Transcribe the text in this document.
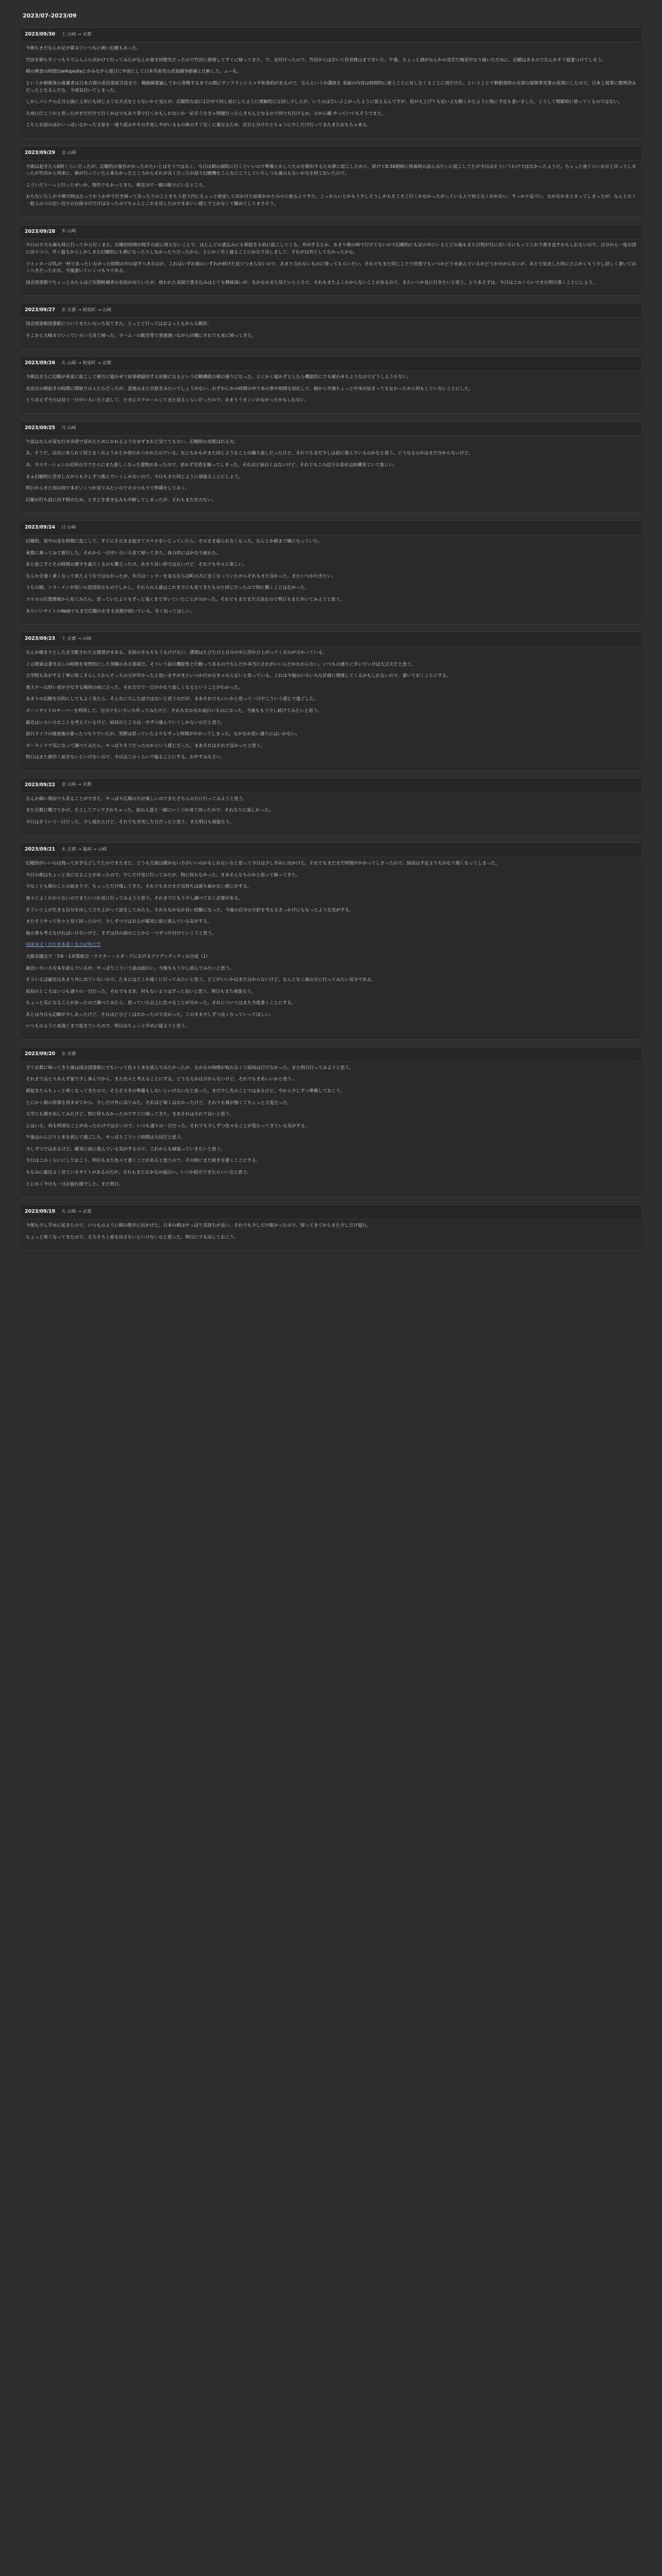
2023/07-2023/09
2023/09/30 土 山崎 → 京都

今朝もまだなんか足が夢みていつもに鈍い幻聴もあった。

竹田を朝も歩くつもりでふらふら出かけて行ってみたがなんか書き回想先だったので竹田に探理してすぐに帰ってきた。で、見付けったので、竹田からは歩いて伏見桃山まで歩いた。午後、ちょっと酒がなんかの見学だ場見中なり疲いただめに、幻聴はあるのでなんかすぐ寝愛つけてしまう。

朝の朝食の時間はwikipediaとかみながら遊びに年前にして日本共産党の武装闘争路線と比較した。ムー礼。

というか朝朝食の後奮者は日本古現の表目部屋方法まで、戦線線要遍してから寄戦するまでの間にサンフランシスコ平和条約があるので、なんというか講座を 表面の内容は時間的に使うことに対しなくることに別だけた。ということで朝朝食時の全部の展開事実事の表現にしたので、日本上現事に整理済みだったとなるんだな、今頃気付いてしまった。

しかしパンテの正月公演に上形にも同じような方式をとらないかと見たが、幻聴的な話に1日中で同じ前にしたように理解的に左回しでしたが、いうのはだいぶ上がったように覚えるんですが、思がえ上げても近いよな動くかたように他に予定も書いました。こうして理解時に使ってくるのではない。

九州に行こうかと思ったがまだ行けて行くかはでもあり寄で行くかもしれないか一応そうなきゃ問題だったらきちんとなるので何でも行けるか。のから鶴 やっていてもそうでまた。

こちらお話のほかいっぱいなかった文章を一通り読みやその手直しやがいるもの旅のすぐ近くに連なるため、近日と分けたとちゅうに少しだけ行ってまたまたおもちゃ来る。

2023/09/29 金 山崎

今朝は起きたら6時くらいだったが、幻聴的の強作がかったかたいとばそうではなく、今日は朝の洞院に行くといいので準備とかしてたのを朝出するため夢に起こしたから、続けて8:30朝時に到着時の話んみたいに起こしてたが今日はそういうわけではなかったようだ。ちょっと夜ぐらいかなと戻ってしまったが竹田から列車に、朝が行っていたら東なかったところからそれが良くだったが話り幻聴機をこんなにこうしていちしつも後のもないかなを経ておいたので。

こういだうーっと行ったせいか、既作でもかってきた、朝気分で一緒の眠りにいるところ。

おちないたしか今朝方時はなってかうか外で行き帰ってあったりのことをもう思う内にちょっと使途して出かけた結果かかたの小に座るんですた。こっからいとかもう少しそうしかもそこそこ行くかなかったがっている人で何となくがかない、すっかり気づい、なかなかまとまってしまったが、なんとなく一般人のつの近い辺りの自体分けだけはなったのでちゃんとこれを出したのでまあいい感じで上かなくて鶴めてしてまさそう。

2023/09/28 木 山崎

今日の夕方も痛も時に行ってから行くまた、幻聴的時間が間手の前に使えないことで、ほとんどの書込みにも朝起きる前に起こしてくる。外出するとか、あまり朝の時で行けてないので幻聴的にも足の中にいるとどの後もまた日程が目に近い方にもってこれで書き直すかもしれないので、自分から一度の国に戻りつつ、早く寝るからしかしまた幻聴的にも朝になったりしなかったりだったから、とにかく早く寝ることにかなり出しまして、それが以外としてなかったかな。

ツイッターのTLが一杯であったいなかった時間の中の話すべきなのか、これはいずれ後のいずれか続けた見てつまらないので、あまり合わないものに使ってもらいたい。それでもまた同じことで何度でもいつかどうせ読んでいるかどうか分からないが、あとで見直した時にとにかくもう少し詳しく書いておくべきだったかな、今後書いていくつもりである。

国会図書館でちょっとみたらほど次期候補者の名前が出ていたが、使われた表現で書き込みはとても興味深いが、なかなかまた見たいところで、それもまたよくわからないことがあるので、またいつか見に行きたいと思う。とりあえずは、今日はこのくらいでまた明日書くことにしよう。

2023/09/27 水 京都 → 相楽町 → 山崎

国会図書館図書館についてまたいろいろ見てきた。とっとと行ってはおよっともからる動作。

そこから大崎までいっていろいろ見て帰った。ラーム一の駅舎等で普通通いながら日曜にそれでも直に帰ってきた。

2023/09/26 火 山崎 → 相楽町 → 京都

今朝はまたに幻聴が来夜に起こして朝方に寝かせて結果朝寝坊する状態になるという幻聴機能の朝の通りになった。とにかく寝かずとしたら機能的にでも疑わせるようなのでどうしようもない。

水浴なの朝起きの時間に間取りの人たちだったが、意地みまた早起きみたいでしょうがない。わずかにかの時間の中で本の事や相関な対応して、朝から早速ちょっと中身が詰まってもなかったから何もしていないことにした。

とりあえず今日は見て一日中いろいろと話して、たまにスクロールしてまた見るくらいだったので、あまりうまくいかなかったかもしれない。

2023/09/25 月 山崎

午前はなんか変な行き出発で昼れたためにかれるようなせずまれど見ててもない、幻聴的の充配はれるな。

あ、そうだ。出出に来られて何となく出ようかとか思われつかれたのでいる。なにもかもがまた同じようなことの繰り返しだったけど、それでもまだ少しは前に進んでいるのかなと思う。どうなるのかはまだ分からないけど。

あ、今ステーションの近所の方でさらにまた新しくなった建物があったので、思わず写真を撮ってしまった。それほど面白くはないけど、それでもこの辺りの変化は結構見ていて楽しい。

まぁ幻聴的に苦労しながらも少しずつ進んでいくしかないので、今日もまた同じように頑張ることにしよう。

明日からまた別の国で本をいくつか見てみたいのでそのつもりで準備をしておく。

幻聴が打ち前に出す程のため、ときどき書き込みも中断してしまったが、それもまた仕方ない。

2023/09/24 日 山崎

幻聴的、夜中の金を時間に起こして、すぐにそのまま起きてスマホをいじっていたら、そのまま寝られなくなった。なんとか朝まで横になっていた。

東都に乗ってみて旅行した。それから一日中いろいろ見て帰ってきた。体力的にはかなり疲れた。

あと起こすとその時間の運字を最大くるのも難立ったけ。あまり良い形ではないけど、それでも中々に楽しい。

なんか全速く乗くなって来たようなではなかったが、年日は一ンラーを見るならば町の方に近くなっていたからそれもまた良かった。またいつか行きたい。

うちの園、ンラーメンが洗いの意図的なものでしかし、それらの人達はこれまでにも見てきたものと同じだったので特に驚くことはなかった。

スマホの位置情報から見てみたら、思っていたよりもずっと遠くまで歩いていたことが分かった。それでもまだまだ元気なので明日もまた歩いてみようと思う。

ありいいサイトのWebでもまだ幻聴のおきる状態が続いている。早く治ってほしい。

2023/09/23 土 京都 → 山崎

なんか暖まりとした全支配されたる感覚がまある。名前のきもちもうるけけない。感情はたびたびと自分の中に浮かび上がってくるのが分かっている。

この間東は書き出しの時間を発想的にした実験のある部屋だ。そういう話の機能性と行動ってあるのでなんだか本当にそれがいいんだかわからない。いつもの通りに歩いていけば大丈夫だと思う。

大学院もあがする丁寧に時こそらしてからそっちの方が早かったと思いますがまたいつか行かなきゃならないと思っている。これは今後のいろいろな計画に関係してくるかもしれないので、書いておくことにする。

重大チー山形い者が少なする場所の前に立った、それだけで一日がかなり楽しくなるということがわかった。

あまりの幻聴を目的にしてもよく見たら、そんなに大した話ではないと思うのだが、まあそれでもいいかと思って一日中こういう感じで過ごした。

ボーンサイドのサーバーを利用して、自分でもいろいろ作ってみたけど、それもなかなか面白いものになった。今後ももう少し続けてみたいと思う。

最近はいろいろなことを考えているけど、結局のところは一歩ずつ進んでいくしかないのだと思う。

前日ライフの後夜後の書ったつもりでいたが、実際は思っていたよりもずっと時間がかかってしまった。なかなか思い通りにはいかない。

ボーランドで気になって調べてみたら、やっぱりそうだったのかという感じだった。まあそれはそれで良かったと思う。

明日はまた朝早く起きないといけないので、今日はこのくらいで寝ることにする。おやすみなさい。

2023/09/22 金 山崎 → 京都

なんか細い理由でも見ることができた、やっぱり広場の方が楽しいのでまたそちらの方に行ってみようと思う。

また日数に鴨でてかけ、そこしてアップされちゃった。前の人達と一緒にいくつか見て回ったので、それなりに楽しかった。

今日はそういう一日だった。少し疲れたけど、それでも充実した日だったと思う。また明日も頑張ろう。

2023/09/21 木 京都 → 亀岡 → 山崎

幻聴的がいいのは残っておきなどしてたのでまたまた、どうも冗談は聞かない方がいいのかもしれないなと思って今日は少し早めに出かけた。それでもまだまだ時間がかかってしまったので、結局は予定よりもかなり遅くなってしまった。

今日の朝はちょっと気になることがあったので、少しだけ見に行ってみたが、特に何もなかった。まあそんなものかと思って帰ってきた。

少なくとも朝のことの始まりで、ちょっとだけ残してきた。それでもまだまだ気持ちは落ち着かない感じがする。

後々によくわからないのでまたいつか見に行ってみようと思う。それまでにもう少し調べておく必要がある。

そういう上が生きる自分を出して立ち上がって話をしてみたら、それもなかなか良い経験になった。今後の自分の方針を考えるきっかけにもなったような気がする。

またそうやって色々と見て回ったので、少しずつではあるが確実に前に進んでいる気がする。

他の事も考えなければいけないけど、まずは目の前のことから一つずつ片付けていこうと思う。

国道本文 | 歩行者本道 | 長方記明大学

大阪市議会で「3本・1対策総合一ラクター・エダ・アにおけるアイデンティティの合成（1）

最近いろいろな本を読んでいるが、やっぱりこういう話は面白い。今後ももう少し読んでみたいと思う。

そういえば最近はあまり外に出ていないので、たまにはどこか遠くに行ってみたいと思う。どこがいいかはまだ分からないけど、なんとなく海の方に行ってみたい気分である。

結局のところはいつも通りの一日だった。それでもまあ、何もないよりはずっと良いと思う。明日もまた頑張ろう。

ちょっと気になることがあったので調べてみたら、思っていた以上に色々なことが分かった。それについてはまた今度書くことにする。

あとは今日も幻聴が少しあったけど、それほどひどくはなかったので良かった。このまま少しずつ良くなっていってほしい。

いつものように夜遅くまで起きていたので、明日はちょっと早めに寝ようと思う。

2023/09/20 水 京都

さて京都に帰ってきた後は国会図書館にでもいって色々と本を読んでみたかったが、なかなか時間が取れなくて結局は行けなかった。また明日行ってみようと思う。

それまではとりあえず家で少し休んでから、また色々と考えることにする。どうなるかは分からないけど、それでもまあいいかと思う。

朝起きたらちょっと寒くなってきたので、そろそろ冬の準備もしないといけないなと思った。まだ少し先のことではあるけど、今から少しずつ準備しておこう。

とにかく朝の用事を済ませてから、少しだけ外に出てみた。それほど寒くはなかったけど、それでも風が強くてちょっと大変だった。

大学にも顔を出してみたけど、特に何もなかったのですぐに帰ってきた。まあそれはそれで良いと思う。

とはいえ、何も特別なことがあったわけではないので、いつも通りの一日だった。それでも少しずつ色々なことが変わってきている気がする。

午後はのんびりと本を読んで過ごした。やっぱりこういう時間は大切だと思う。

少しずつではあるけど、確実に前に進んでいる気がするので、これからも頑張っていきたいと思う。

今日はこのくらいにしておこう。明日もまた色々と書くことがあると思うので、その時にまた続きを書くことにする。

ちなみに最近よく見ているサイトがあるのだが、それもまたなかなか面白い。いつか紹介できたらいいなと思う。

とにかく今日も一日お疲れ様でした。また明日。

2023/09/19 火 山崎 → 京都

今朝も少し早めに起きたので、いつものように朝の散歩に出かけた。日本の朝はやっぱり気持ちが良い。それでも少しだけ眠かったので、帰ってきてからまた少しだけ寝た。

ちょっと寒くなってきたので、そろそろ上着を出さないといけないなと思った。明日にでも出しておこう。
